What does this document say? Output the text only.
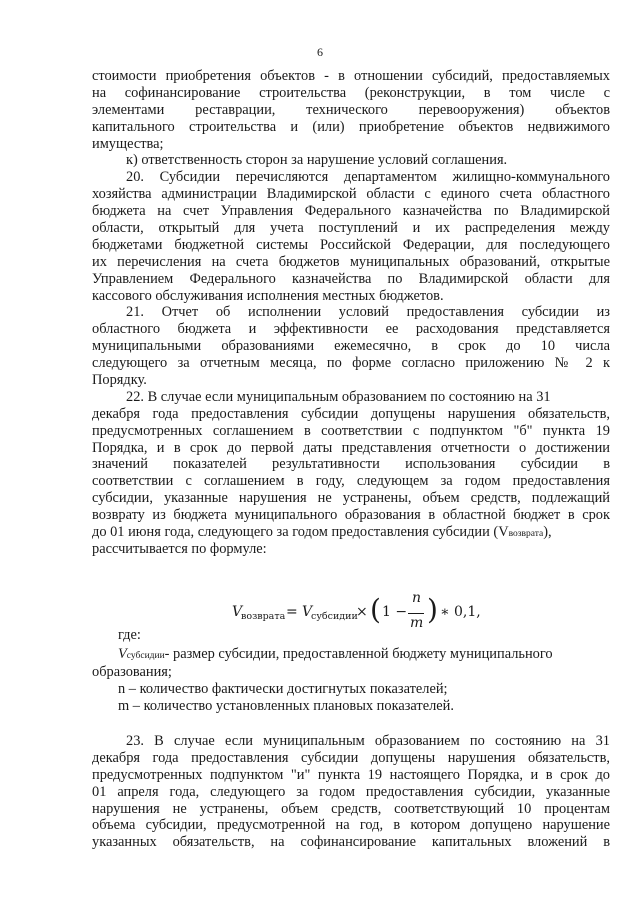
6
стоимости приобретения объектов - в отношении субсидий, предоставляемых
на софинансирование строительства (реконструкции, в том числе с
элементами реставрации, технического перевооружения) объектов
капитального строительства и (или) приобретение объектов недвижимого
имущества;
к) ответственность сторон за нарушение условий соглашения.
20. Субсидии перечисляются департаментом жилищно-коммунального
хозяйства администрации Владимирской области с единого счета областного
бюджета на счет Управления Федерального казначейства по Владимирской
области, открытый для учета поступлений и их распределения между
бюджетами бюджетной системы Российской Федерации, для последующего
их перечисления на счета бюджетов муниципальных образований, открытые
Управлением Федерального казначейства по Владимирской области для
кассового обслуживания исполнения местных бюджетов.
21. Отчет об исполнении условий предоставления субсидии из
областного бюджета и эффективности ее расходования представляется
муниципальными образованиями ежемесячно, в срок до 10 числа
следующего за отчетным месяца, по форме согласно приложению № 2 к
Порядку.
22. В случае если муниципальным образованием по состоянию на 31
декабря года предоставления субсидии допущены нарушения обязательств,
предусмотренных соглашением в соответствии с подпунктом "б" пункта 19
Порядка, и в срок до первой даты представления отчетности о достижении
значений показателей результативности использования субсидии в
соответствии с соглашением в году, следующем за годом предоставления
субсидии, указанные нарушения не устранены, объем средств, подлежащий
возврату из бюджета муниципального образования в областной бюджет в срок
до 01 июня года, следующего за годом предоставления субсидии (Vвозврата),
рассчитывается по формуле:
V
возврата = V
субсидии
× ( 1 −
n
m ) ∗ 0,1,
где:
Vсубсидии- размер субсидии, предоставленной бюджету муниципального
образования;
n – количество фактически достигнутых показателей;
m – количество установленных плановых показателей.
23. В случае если муниципальным образованием по состоянию на 31
декабря года предоставления субсидии допущены нарушения обязательств,
предусмотренных подпунктом "и" пункта 19 настоящего Порядка, и в срок до
01 апреля года, следующего за годом предоставления субсидии, указанные
нарушения не устранены, объем средств, соответствующий 10 процентам
объема субсидии, предусмотренной на год, в котором допущено нарушение
указанных обязательств, на софинансирование капитальных вложений в
